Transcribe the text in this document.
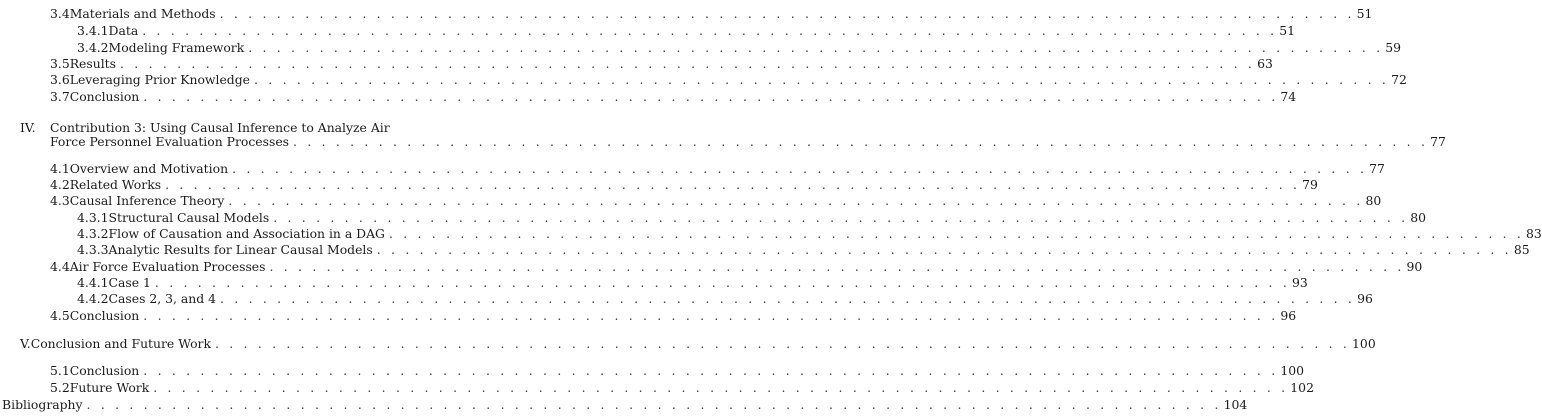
3.4 Materials and Methods . . . . . . . . . . . . . . . . . . . . . . . . . . . . . . . . . . . . . . . . . . . . . . . . . . . . . . . . . . . . . . . . . . . . . . . . . . . . . . . . 51
3.4.1 Data . . . . . . . . . . . . . . . . . . . . . . . . . . . . . . . . . . . . . . . . . . . . . . . . . . . . . . . . . . . . . . . . . . . . . . . . . . . . . . . . 51
3.4.2 Modeling Framework . . . . . . . . . . . . . . . . . . . . . . . . . . . . . . . . . . . . . . . . . . . . . . . . . . . . . . . . . . . . . . . . . . . . . . . . . . . . . . . . 59
3.5 Results . . . . . . . . . . . . . . . . . . . . . . . . . . . . . . . . . . . . . . . . . . . . . . . . . . . . . . . . . . . . . . . . . . . . . . . . . . . . . . . . 63
3.6 Leveraging Prior Knowledge . . . . . . . . . . . . . . . . . . . . . . . . . . . . . . . . . . . . . . . . . . . . . . . . . . . . . . . . . . . . . . . . . . . . . . . . . . . . . . . . 72
3.7 Conclusion . . . . . . . . . . . . . . . . . . . . . . . . . . . . . . . . . . . . . . . . . . . . . . . . . . . . . . . . . . . . . . . . . . . . . . . . . . . . . . . . 74
IV.	Contribution 3: Using Causal Inference to Analyze Air
Force Personnel Evaluation Processes . . . . . . . . . . . . . . . . . . . . . . . . . . . . . . . . . . . . . . . . . . . . . . . . . . . . . . . . . . . . . . . . . . . . . . . . . . . . . . . . 77
4.1 Overview and Motivation . . . . . . . . . . . . . . . . . . . . . . . . . . . . . . . . . . . . . . . . . . . . . . . . . . . . . . . . . . . . . . . . . . . . . . . . . . . . . . . . 77
4.2 Related Works . . . . . . . . . . . . . . . . . . . . . . . . . . . . . . . . . . . . . . . . . . . . . . . . . . . . . . . . . . . . . . . . . . . . . . . . . . . . . . . . 79
4.3 Causal Inference Theory . . . . . . . . . . . . . . . . . . . . . . . . . . . . . . . . . . . . . . . . . . . . . . . . . . . . . . . . . . . . . . . . . . . . . . . . . . . . . . . . 80
4.3.1 Structural Causal Models . . . . . . . . . . . . . . . . . . . . . . . . . . . . . . . . . . . . . . . . . . . . . . . . . . . . . . . . . . . . . . . . . . . . . . . . . . . . . . . . 80
4.3.2 Flow of Causation and Association in a DAG . . . . . . . . . . . . . . . . . . . . . . . . . . . . . . . . . . . . . . . . . . . . . . . . . . . . . . . . . . . . . . . . . . . . . . . . . . . . . . . . 83
4.3.3 Analytic Results for Linear Causal Models . . . . . . . . . . . . . . . . . . . . . . . . . . . . . . . . . . . . . . . . . . . . . . . . . . . . . . . . . . . . . . . . . . . . . . . . . . . . . . . . 85
4.4 Air Force Evaluation Processes . . . . . . . . . . . . . . . . . . . . . . . . . . . . . . . . . . . . . . . . . . . . . . . . . . . . . . . . . . . . . . . . . . . . . . . . . . . . . . . . 90
4.4.1 Case 1 . . . . . . . . . . . . . . . . . . . . . . . . . . . . . . . . . . . . . . . . . . . . . . . . . . . . . . . . . . . . . . . . . . . . . . . . . . . . . . . . 93
4.4.2 Cases 2, 3, and 4 . . . . . . . . . . . . . . . . . . . . . . . . . . . . . . . . . . . . . . . . . . . . . . . . . . . . . . . . . . . . . . . . . . . . . . . . . . . . . . . . 96
4.5 Conclusion . . . . . . . . . . . . . . . . . . . . . . . . . . . . . . . . . . . . . . . . . . . . . . . . . . . . . . . . . . . . . . . . . . . . . . . . . . . . . . . . 96
V. Conclusion and Future Work . . . . . . . . . . . . . . . . . . . . . . . . . . . . . . . . . . . . . . . . . . . . . . . . . . . . . . . . . . . . . . . . . . . . . . . . . . . . . . . . 100
5.1 Conclusion . . . . . . . . . . . . . . . . . . . . . . . . . . . . . . . . . . . . . . . . . . . . . . . . . . . . . . . . . . . . . . . . . . . . . . . . . . . . . . . . 100
5.2 Future Work . . . . . . . . . . . . . . . . . . . . . . . . . . . . . . . . . . . . . . . . . . . . . . . . . . . . . . . . . . . . . . . . . . . . . . . . . . . . . . . . 102
Bibliography . . . . . . . . . . . . . . . . . . . . . . . . . . . . . . . . . . . . . . . . . . . . . . . . . . . . . . . . . . . . . . . . . . . . . . . . . . . . . . . . 104
